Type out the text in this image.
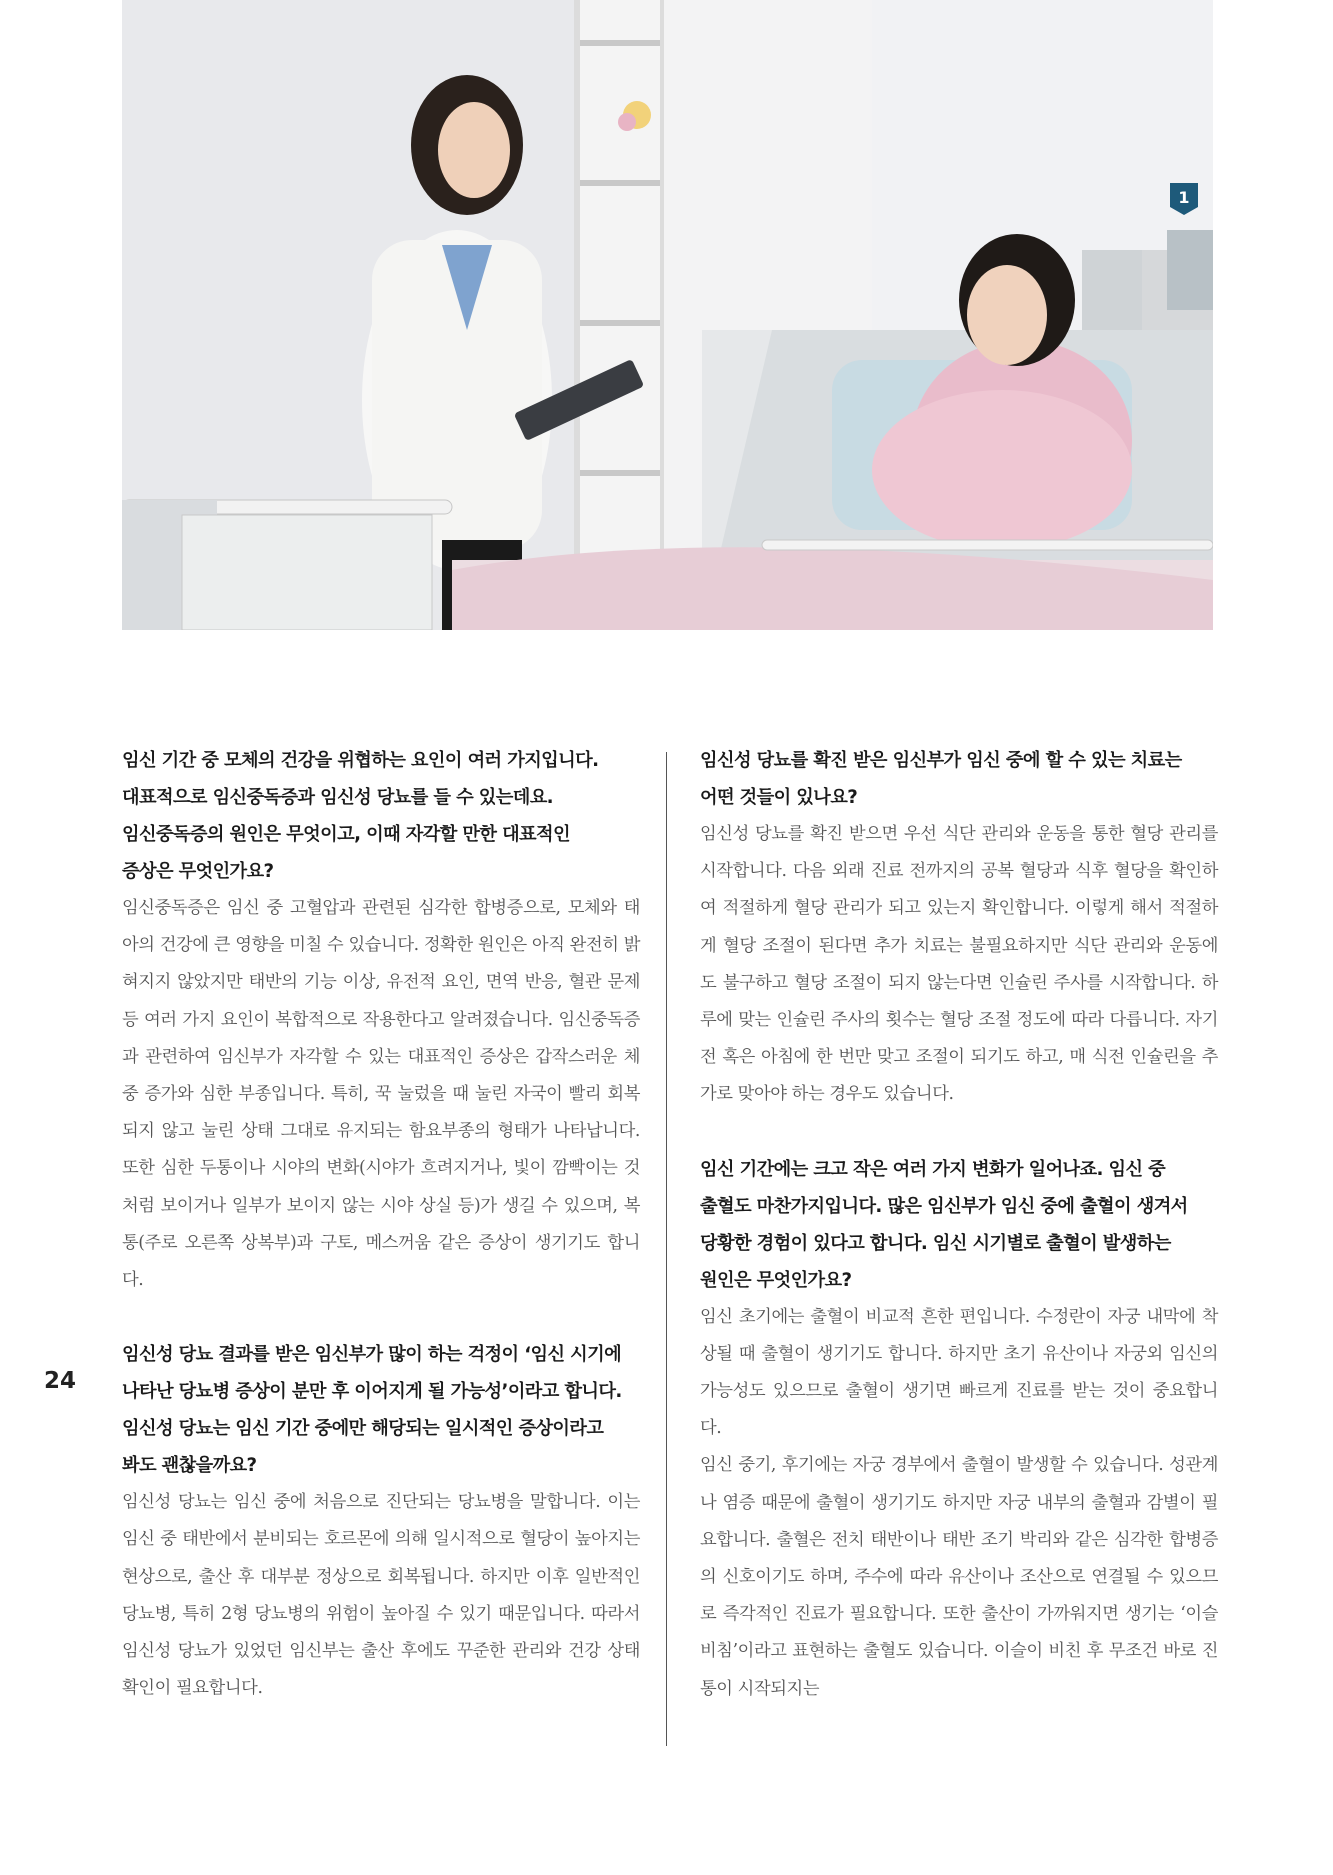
1
24

임신 기간 중 모체의 건강을 위협하는 요인이 여러 가지입니다.

대표적으로 임신중독증과 임신성 당뇨를 들 수 있는데요.

임신중독증의 원인은 무엇이고, 이때 자각할 만한 대표적인

증상은 무엇인가요?

임신중독증은 임신 중 고혈압과 관련된 심각한 합병증으로, 모체와 태아의 건강에 큰 영향을 미칠 수 있습니다. 정확한 원인은 아직 완전히 밝혀지지 않았지만 태반의 기능 이상, 유전적 요인, 면역 반응, 혈관 문제 등 여러 가지 요인이 복합적으로 작용한다고 알려졌습니다. 임신중독증과 관련하여 임신부가 자각할 수 있는 대표적인 증상은 갑작스러운 체중 증가와 심한 부종입니다. 특히, 꾹 눌렀을 때 눌린 자국이 빨리 회복되지 않고 눌린 상태 그대로 유지되는 함요부종의 형태가 나타납니다. 또한 심한 두통이나 시야의 변화(시야가 흐려지거나, 빛이 깜빡이는 것처럼 보이거나 일부가 보이지 않는 시야 상실 등)가 생길 수 있으며, 복통(주로 오른쪽 상복부)과 구토, 메스꺼움 같은 증상이 생기기도 합니다.

임신성 당뇨 결과를 받은 임신부가 많이 하는 걱정이 ‘임신 시기에

나타난 당뇨병 증상이 분만 후 이어지게 될 가능성’이라고 합니다.

임신성 당뇨는 임신 기간 중에만 해당되는 일시적인 증상이라고

봐도 괜찮을까요?

임신성 당뇨는 임신 중에 처음으로 진단되는 당뇨병을 말합니다. 이는 임신 중 태반에서 분비되는 호르몬에 의해 일시적으로 혈당이 높아지는 현상으로, 출산 후 대부분 정상으로 회복됩니다. 하지만 이후 일반적인 당뇨병, 특히 2형 당뇨병의 위험이 높아질 수 있기 때문입니다. 따라서 임신성 당뇨가 있었던 임신부는 출산 후에도 꾸준한 관리와 건강 상태 확인이 필요합니다.

임신성 당뇨를 확진 받은 임신부가 임신 중에 할 수 있는 치료는

어떤 것들이 있나요?

임신성 당뇨를 확진 받으면 우선 식단 관리와 운동을 통한 혈당 관리를 시작합니다. 다음 외래 진료 전까지의 공복 혈당과 식후 혈당을 확인하여 적절하게 혈당 관리가 되고 있는지 확인합니다. 이렇게 해서 적절하게 혈당 조절이 된다면 추가 치료는 불필요하지만 식단 관리와 운동에도 불구하고 혈당 조절이 되지 않는다면 인슐린 주사를 시작합니다. 하루에 맞는 인슐린 주사의 횟수는 혈당 조절 정도에 따라 다릅니다. 자기 전 혹은 아침에 한 번만 맞고 조절이 되기도 하고, 매 식전 인슐린을 추가로 맞아야 하는 경우도 있습니다.

임신 기간에는 크고 작은 여러 가지 변화가 일어나죠. 임신 중

출혈도 마찬가지입니다. 많은 임신부가 임신 중에 출혈이 생겨서

당황한 경험이 있다고 합니다. 임신 시기별로 출혈이 발생하는

원인은 무엇인가요?

임신 초기에는 출혈이 비교적 흔한 편입니다. 수정란이 자궁 내막에 착상될 때 출혈이 생기기도 합니다. 하지만 초기 유산이나 자궁외 임신의 가능성도 있으므로 출혈이 생기면 빠르게 진료를 받는 것이 중요합니다.

임신 중기, 후기에는 자궁 경부에서 출혈이 발생할 수 있습니다. 성관계나 염증 때문에 출혈이 생기기도 하지만 자궁 내부의 출혈과 감별이 필요합니다. 출혈은 전치 태반이나 태반 조기 박리와 같은 심각한 합병증의 신호이기도 하며, 주수에 따라 유산이나 조산으로 연결될 수 있으므로 즉각적인 진료가 필요합니다. 또한 출산이 가까워지면 생기는 ‘이슬 비침’이라고 표현하는 출혈도 있습니다. 이슬이 비친 후 무조건 바로 진통이 시작되지는
